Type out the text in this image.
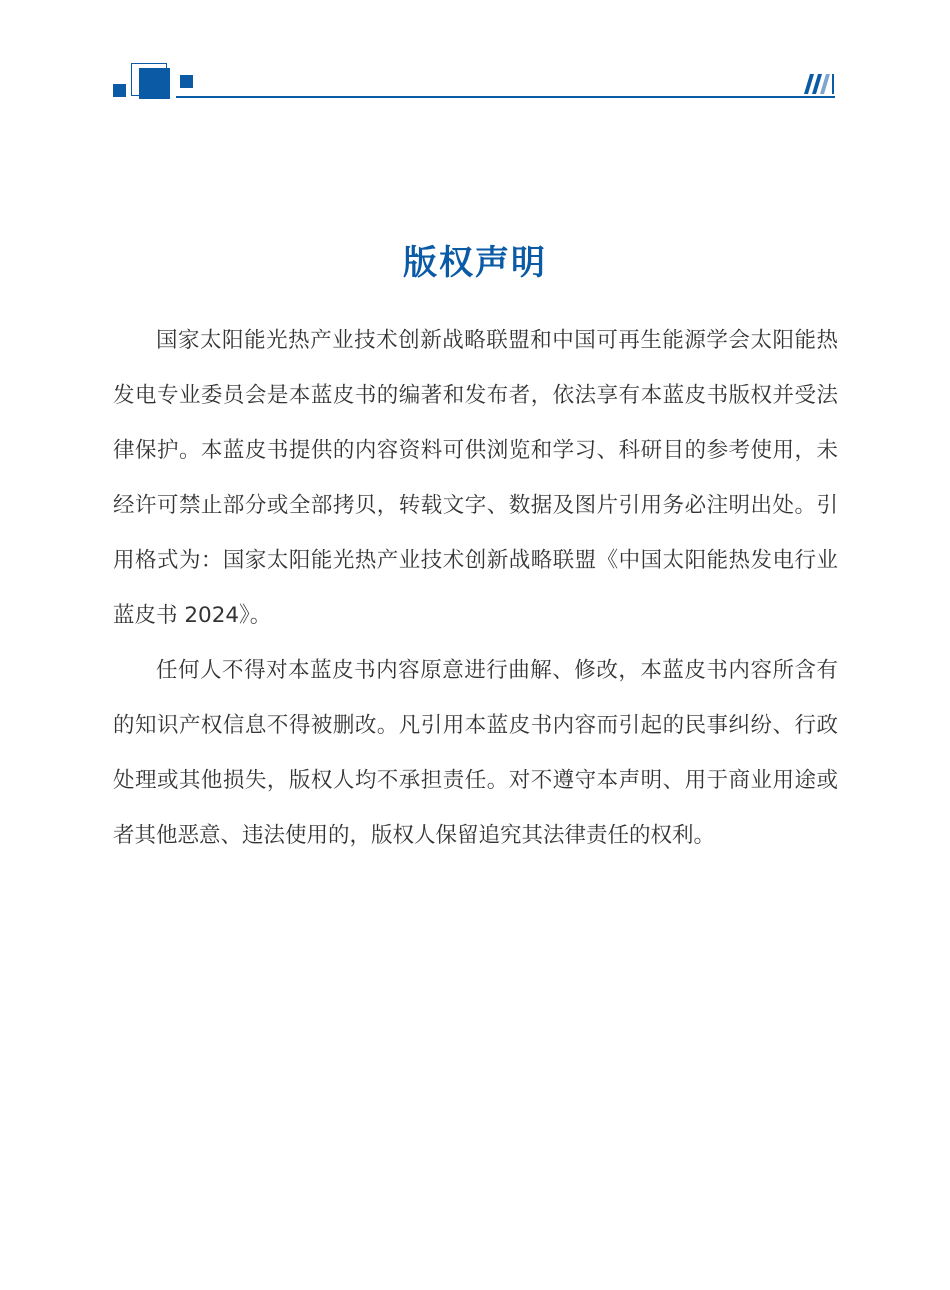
版权声明

国家太阳能光热产业技术创新战略联盟和中国可再生能源学会太阳能热发电专业委员会是本蓝皮书的编著和发布者，依法享有本蓝皮书版权并受法律保护。本蓝皮书提供的内容资料可供浏览和学习、科研目的参考使用，未经许可禁止部分或全部拷贝，转载文字、数据及图片引用务必注明出处。引用格式为：国家太阳能光热产业技术创新战略联盟《中国太阳能热发电行业蓝皮书 2024》。

任何人不得对本蓝皮书内容原意进行曲解、修改，本蓝皮书内容所含有的知识产权信息不得被删改。凡引用本蓝皮书内容而引起的民事纠纷、行政处理或其他损失，版权人均不承担责任。对不遵守本声明、用于商业用途或者其他恶意、违法使用的，版权人保留追究其法律责任的权利。
